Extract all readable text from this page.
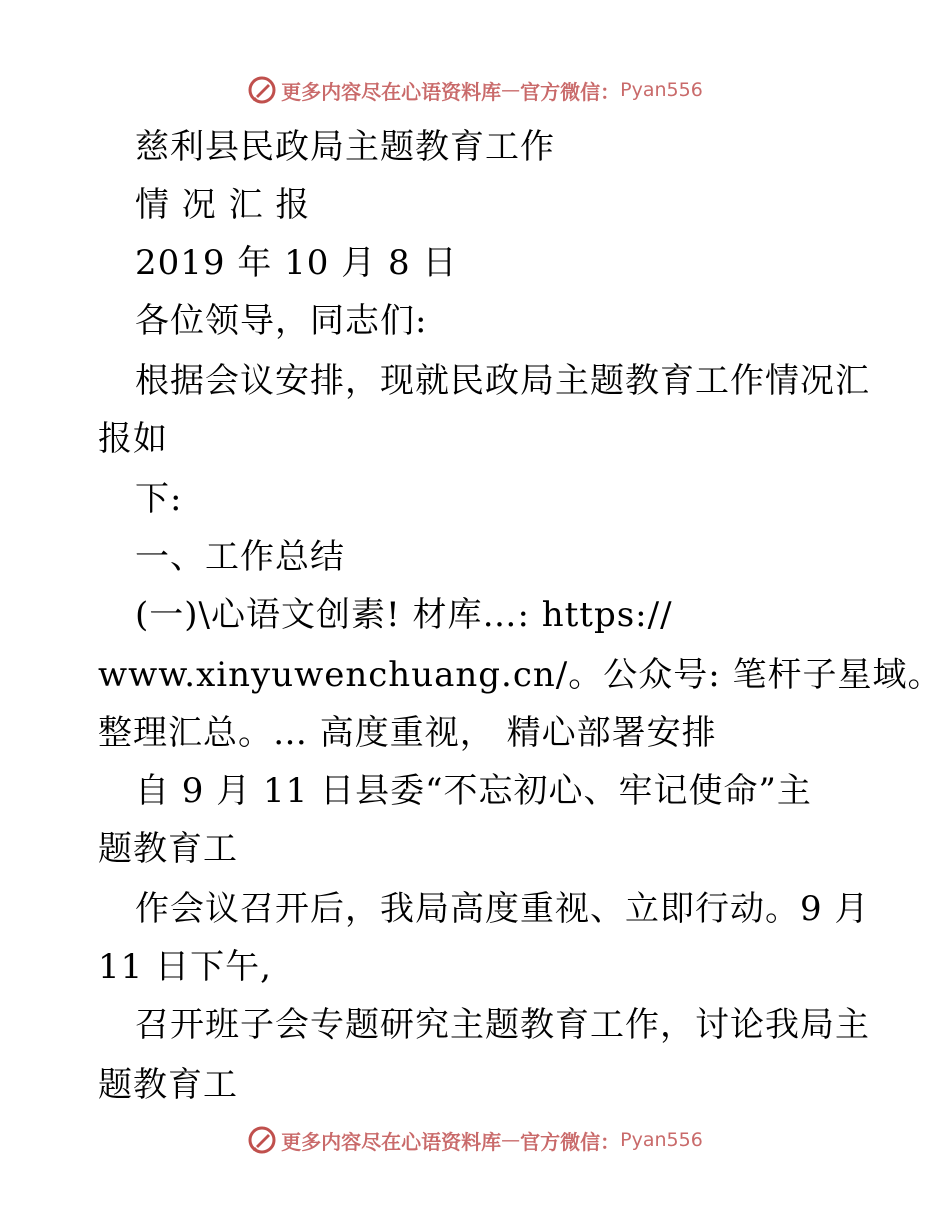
更多内容尽在心语资料库 — 官方微信： Pyan556
慈利县民政局主题教育工作
情 况 汇 报
2019 年 10 月 8 日
各位领导，同志们:
根据会议安排，现就民政局主题教育工作情况汇
报如
下:
一、工作总结
(一)\心语文创素! 材库…: https://
www.xinyuwenchuang.cn/。公众号: 笔杆子星域。
整理汇总。… 高度重视， 精心部署安排
自 9 月 11 日县委“不忘初心、牢记使命”主
题教育工
作会议召开后，我局高度重视、立即行动。9 月
11 日下午,
召开班子会专题研究主题教育工作，讨论我局主
题教育工
更多内容尽在心语资料库 — 官方微信： Pyan556
